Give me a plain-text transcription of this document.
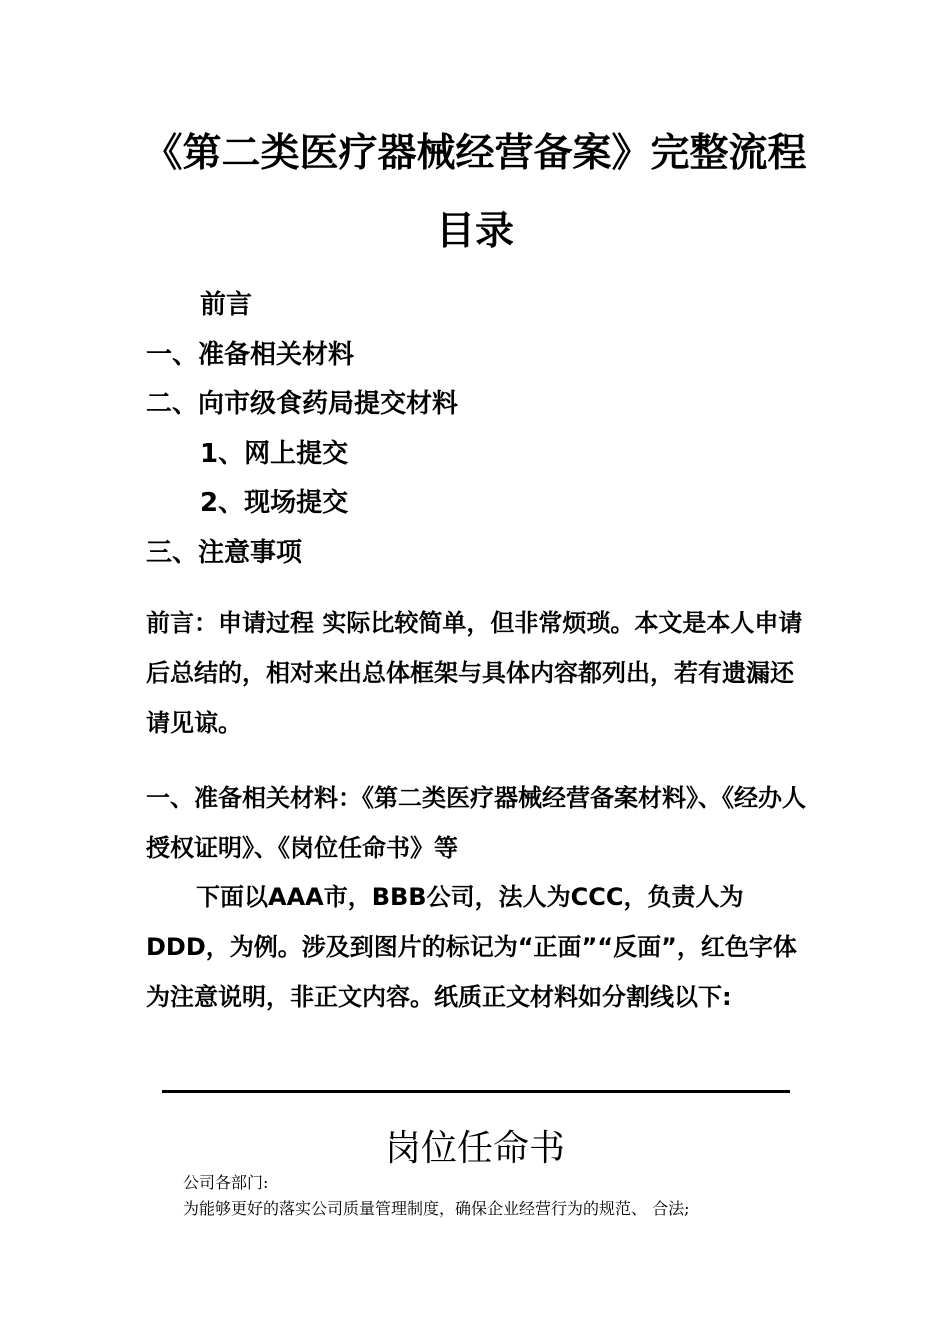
《第二类医疗器械经营备案》完整流程
目录
前言
一、准备相关材料
二、向市级食药局提交材料
1、网上提交
2、现场提交
三、注意事项
前言：申请过程 实际比较简单，但非常烦琐。本文是本人申请后总结的，相对来出总体框架与具体内容都列出，若有遗漏还请见谅。
一、准备相关材料：《第二类医疗器械经营备案材料》、《经办人授权证明》、《岗位任命书》等
下面以AAA市，BBB公司，法人为CCC，负责人为DDD，为例。涉及到图片的标记为“正面”“反面”，红色字体为注意说明，非正文内容。纸质正文材料如分割线以下:
岗位任命书
公司各部门:
为能够更好的落实公司质量管理制度，确保企业经营行为的规范、 合法;
